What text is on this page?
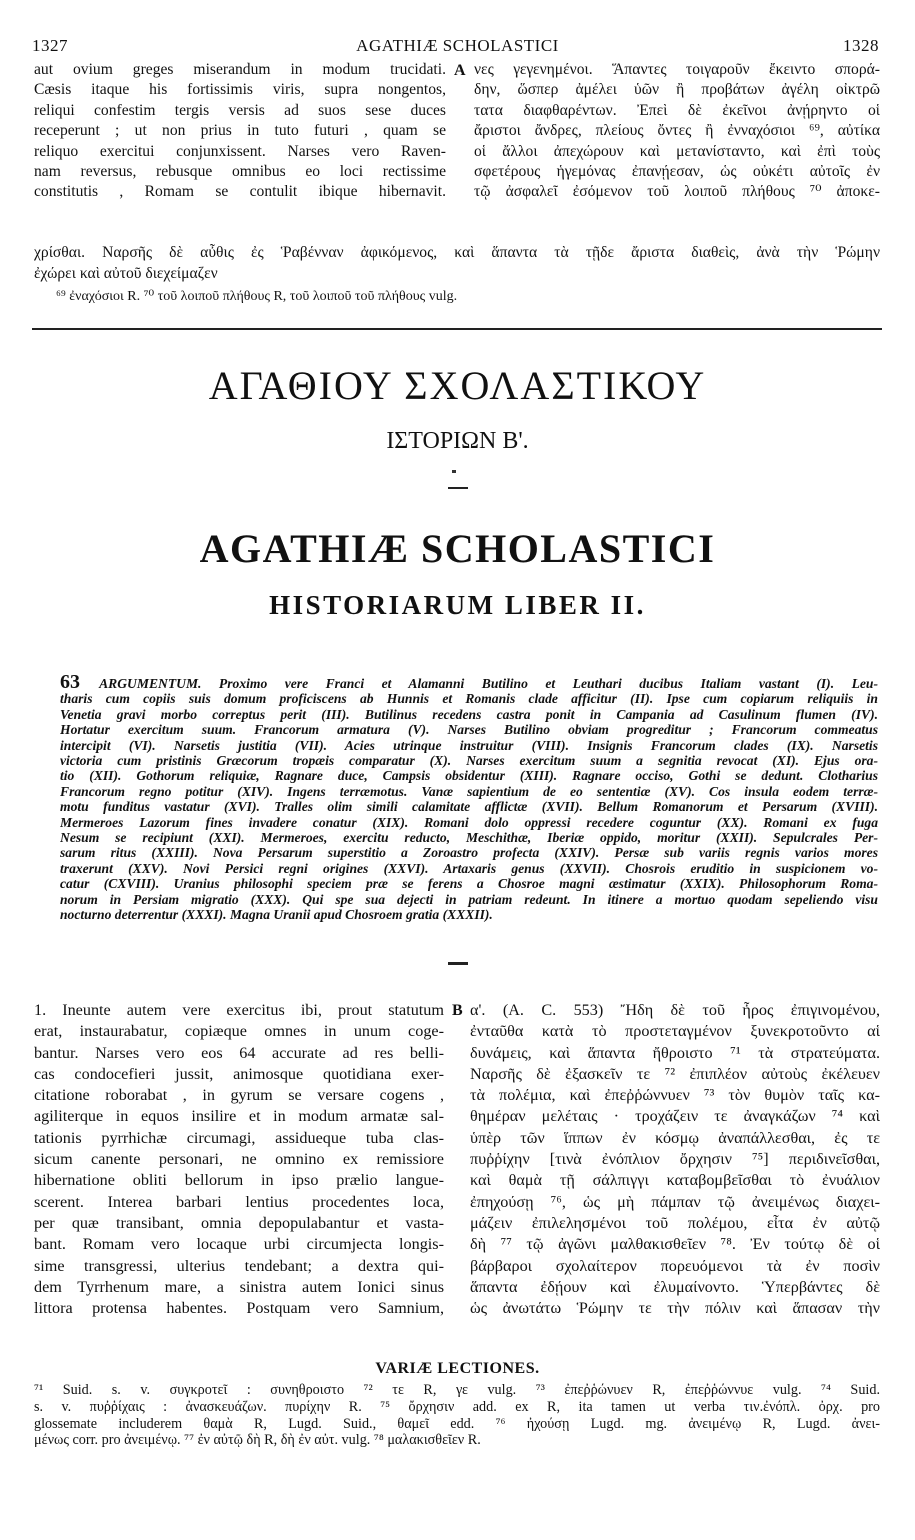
1327	AGATHIÆ SCHOLASTICI	1328
aut ovium greges miserandum in modum trucidati.
Cæsis itaque his fortissimis viris, supra nongentos,
reliqui confestim tergis versis ad suos sese duces
receperunt ; ut non prius in tuto futuri , quam se
reliquo exercitui conjunxissent. Narses vero Raven-
nam reversus, rebusque omnibus eo loci rectissime
constitutis , Romam se contulit ibique hibernavit.
A νες γεγενημένοι. Ἅπαντες τοιγαροῦν ἔκειντο σπορά-
δην, ὥσπερ ἀμέλει ὑῶν ἢ προβάτων ἀγέλη οἰκτρῶ
τατα διαφθαρέντων. Ἐπεὶ δὲ ἐκεῖνοι ἀνῄρηντο οἱ
ἄριστοι ἄνδρες, πλείους ὄντες ἢ ἐνναχόσιοι ⁶⁹, αὐτίκα
οἱ ἄλλοι ἀπεχώρουν καὶ μετανίσταντο, καὶ ἐπὶ τοὺς
σφετέρους ἡγεμόνας ἐπανῄεσαν, ὡς οὐκέτι αὐτοῖς ἐν
τῷ ἀσφαλεῖ ἐσόμενον τοῦ λοιποῦ πλήθους ⁷⁰ ἀποκε-
χρίσθαι. Ναρσῆς δὲ αὖθις ἐς Ῥαβένναν ἀφικόμενος, καὶ ἅπαντα τὰ τῇδε ἄριστα διαθεὶς, ἀνὰ τὴν Ῥώμην
ἐχώρει καὶ αὐτοῦ διεχείμαζεν
⁶⁹ ἐναχόσιοι R. ⁷⁰ τοῦ λοιποῦ πλήθους R, τοῦ λοιποῦ τοῦ πλήθους vulg.
ΑΓΑΘΙΟΥ ΣΧΟΛΑΣΤΙΚΟΥ
ΙΣΤΟΡΙΩΝ Β'.
AGATHIÆ SCHOLASTICI
HISTORIARUM LIBER II.
63 ARGUMENTUM. Proximo vere Franci et Alamanni Butilino et Leuthari ducibus Italiam vastant (I). Leu-
tharis cum copiis suis domum proficiscens ab Hunnis et Romanis clade afficitur (II). Ipse cum copiarum reliquiis in
Venetia gravi morbo correptus perit (III). Butilinus recedens castra ponit in Campania ad Casulinum flumen (IV).
Hortatur exercitum suum. Francorum armatura (V). Narses Butilino obviam progreditur ; Francorum commeatus
intercipit (VI). Narsetis justitia (VII). Acies utrinque instruitur (VIII). Insignis Francorum clades (IX). Narsetis
victoria cum pristinis Græcorum tropæis comparatur (X). Narses exercitum suum a segnitia revocat (XI). Ejus ora-
tio (XII). Gothorum reliquiæ, Ragnare duce, Campsis obsidentur (XIII). Ragnare occiso, Gothi se dedunt. Clotharius
Francorum regno potitur (XIV). Ingens terræmotus. Vanæ sapientium de eo sententiæ (XV). Cos insula eodem terræ-
motu funditus vastatur (XVI). Tralles olim simili calamitate afflictæ (XVII). Bellum Romanorum et Persarum (XVIII).
Mermeroes Lazorum fines invadere conatur (XIX). Romani dolo oppressi recedere coguntur (XX). Romani ex fuga
Nesum se recipiunt (XXI). Mermeroes, exercitu reducto, Meschithæ, Iberiæ oppido, moritur (XXII). Sepulcrales Per-
sarum ritus (XXIII). Nova Persarum superstitio a Zoroastro profecta (XXIV). Persæ sub variis regnis varios mores
traxerunt (XXV). Novi Persici regni origines (XXVI). Artaxaris genus (XXVII). Chosrois eruditio in suspicionem vo-
catur (CXVIII). Uranius philosophi speciem præ se ferens a Chosroe magni æstimatur (XXIX). Philosophorum Roma-
norum in Persiam migratio (XXX). Qui spe sua dejecti in patriam redeunt. In itinere a mortuo quodam sepeliendo visu
nocturno deterrentur (XXXI). Magna Uranii apud Chosroem gratia (XXXII).
1. Ineunte autem vere exercitus ibi, prout statutum
erat, instaurabatur, copiæque omnes in unum coge-
bantur. Narses vero eos 64 accurate ad res belli-
cas condocefieri jussit, animosque quotidiana exer-
citatione roborabat , in gyrum se versare cogens ,
agiliterque in equos insilire et in modum armatæ sal-
tationis pyrrhichæ circumagi, assidueque tuba clas-
sicum canente personari, ne omnino ex remissiore
hibernatione obliti bellorum in ipso prælio langue-
scerent. Interea barbari lentius procedentes loca,
per quæ transibant, omnia depopulabantur et vasta-
bant. Romam vero locaque urbi circumjecta longis-
sime transgressi, ulterius tendebant; a dextra qui-
dem Tyrrhenum mare, a sinistra autem Ionici sinus
littora protensa habentes. Postquam vero Samnium,
B α'. (A. C. 553) Ἤδη δὲ τοῦ ἦρος ἐπιγινομένου,
ἐνταῦθα κατὰ τὸ προστεταγμένον ξυνεκροτοῦντο αἱ
δυνάμεις, καὶ ἅπαντα ἤθροιστο ⁷¹ τὰ στρατεύματα.
Ναρσῆς δὲ ἐξασκεῖν τε ⁷² ἐπιπλέον αὐτοὺς ἐκέλευεν
τὰ πολέμια, καὶ ἐπεῤῥώννυεν ⁷³ τὸν θυμὸν ταῖς κα-
θημέραν μελέταις · τροχάζειν τε ἀναγκάζων ⁷⁴ καὶ
ὑπὲρ τῶν ἵππων ἐν κόσμῳ ἀναπάλλεσθαι, ἐς τε
πυῤῥίχην [τινὰ ἐνόπλιον ὄρχησιν ⁷⁵] περιδινεῖσθαι,
καὶ θαμὰ τῇ σάλπιγγι καταβομβεῖσθαι τὸ ἐνυάλιον
ἐπηχούσῃ ⁷⁶, ὡς μὴ πάμπαν τῷ ἀνειμένως διαχει-
μάζειν ἐπιλελησμένοι τοῦ πολέμου, εἶτα ἐν αὐτῷ
δὴ ⁷⁷ τῷ ἀγῶνι μαλθακισθεῖεν ⁷⁸. Ἐν τούτῳ δὲ οἱ
βάρβαροι σχολαίτερον πορευόμενοι τὰ ἐν ποσὶν
ἅπαντα ἐδῄουν καὶ ἐλυμαίνοντο. Ὑπερβάντες δὲ
ὡς ἀνωτάτω Ῥώμην τε τὴν πόλιν καὶ ἅπασαν τὴν
VARIÆ LECTIONES.
⁷¹ Suid. s. v. συγκροτεῖ : συνηθροιστο ⁷² τε R, γε vulg. ⁷³ ἐπεῤῥώνυεν R, ἐπεῤῥώννυε vulg. ⁷⁴ Suid.
s. v. πυῤῥίχαις : ἀνασκευάζων. πυρίχην R. ⁷⁵ ὄρχησιν add. ex R, ita tamen ut verba τιν.ἐνόπλ. ὀρχ. pro
glossemate includerem θαμὰ R, Lugd. Suid., θαμεῖ edd. ⁷⁶ ἠχούσῃ Lugd. mg. ἀνειμένῳ R, Lugd. ἀνει-
μένως corr. pro ἀνειμένῳ. ⁷⁷ ἐν αὐτῷ δὴ R, δὴ ἐν αὐτ. vulg. ⁷⁸ μαλακισθεῖεν R.
